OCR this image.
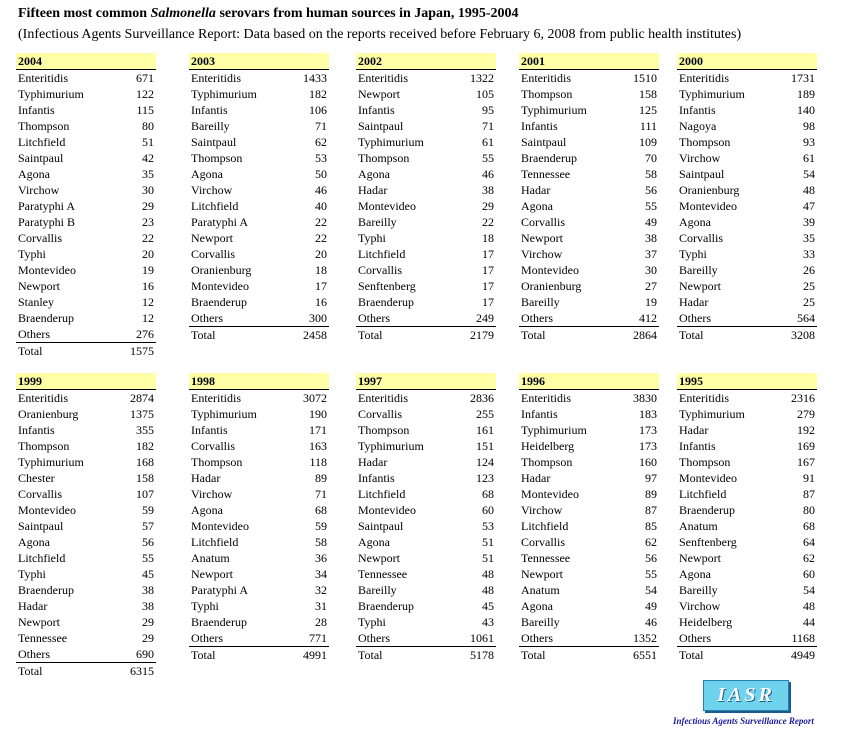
Fifteen most common Salmonella serovars from human sources in Japan, 1995-2004
(Infectious Agents Surveillance Report: Data based on the reports received before February 6, 2008 from public health institutes)
2004
Enteritidis	671
Typhimurium	122
Infantis	115
Thompson	80
Litchfield	51
Saintpaul	42
Agona	35
Virchow	30
Paratyphi A	29
Paratyphi B	23
Corvallis	22
Typhi	20
Montevideo	19
Newport	16
Stanley	12
Braenderup	12
Others	276
Total	1575
2003
Enteritidis	1433
Typhimurium	182
Infantis	106
Bareilly	71
Saintpaul	62
Thompson	53
Agona	50
Virchow	46
Litchfield	40
Paratyphi A	22
Newport	22
Corvallis	20
Oranienburg	18
Montevideo	17
Braenderup	16
Others	300
Total	2458
2002
Enteritidis	1322
Newport	105
Infantis	95
Saintpaul	71
Typhimurium	61
Thompson	55
Agona	46
Hadar	38
Montevideo	29
Bareilly	22
Typhi	18
Litchfield	17
Corvallis	17
Senftenberg	17
Braenderup	17
Others	249
Total	2179
2001
Enteritidis	1510
Thompson	158
Typhimurium	125
Infantis	111
Saintpaul	109
Braenderup	70
Tennessee	58
Hadar	56
Agona	55
Corvallis	49
Newport	38
Virchow	37
Montevideo	30
Oranienburg	27
Bareilly	19
Others	412
Total	2864
2000
Enteritidis	1731
Typhimurium	189
Infantis	140
Nagoya	98
Thompson	93
Virchow	61
Saintpaul	54
Oranienburg	48
Montevideo	47
Agona	39
Corvallis	35
Typhi	33
Bareilly	26
Newport	25
Hadar	25
Others	564
Total	3208
1999
Enteritidis	2874
Oranienburg	1375
Infantis	355
Thompson	182
Typhimurium	168
Chester	158
Corvallis	107
Montevideo	59
Saintpaul	57
Agona	56
Litchfield	55
Typhi	45
Braenderup	38
Hadar	38
Newport	29
Tennessee	29
Others	690
Total	6315
1998
Enteritidis	3072
Typhimurium	190
Infantis	171
Corvallis	163
Thompson	118
Hadar	89
Virchow	71
Agona	68
Montevideo	59
Litchfield	58
Anatum	36
Newport	34
Paratyphi A	32
Typhi	31
Braenderup	28
Others	771
Total	4991
1997
Enteritidis	2836
Corvallis	255
Thompson	161
Typhimurium	151
Hadar	124
Infantis	123
Litchfield	68
Montevideo	60
Saintpaul	53
Agona	51
Newport	51
Tennessee	48
Bareilly	48
Braenderup	45
Typhi	43
Others	1061
Total	5178
1996
Enteritidis	3830
Infantis	183
Typhimurium	173
Heidelberg	173
Thompson	160
Hadar	97
Montevideo	89
Virchow	87
Litchfield	85
Corvallis	62
Tennessee	56
Newport	55
Anatum	54
Agona	49
Bareilly	46
Others	1352
Total	6551
1995
Enteritidis	2316
Typhimurium	279
Hadar	192
Infantis	169
Thompson	167
Montevideo	91
Litchfield	87
Braenderup	80
Anatum	68
Senftenberg	64
Newport	62
Agona	60
Bareilly	54
Virchow	48
Heidelberg	44
Others	1168
Total	4949
IASR
Infectious Agents Surveillance Report
